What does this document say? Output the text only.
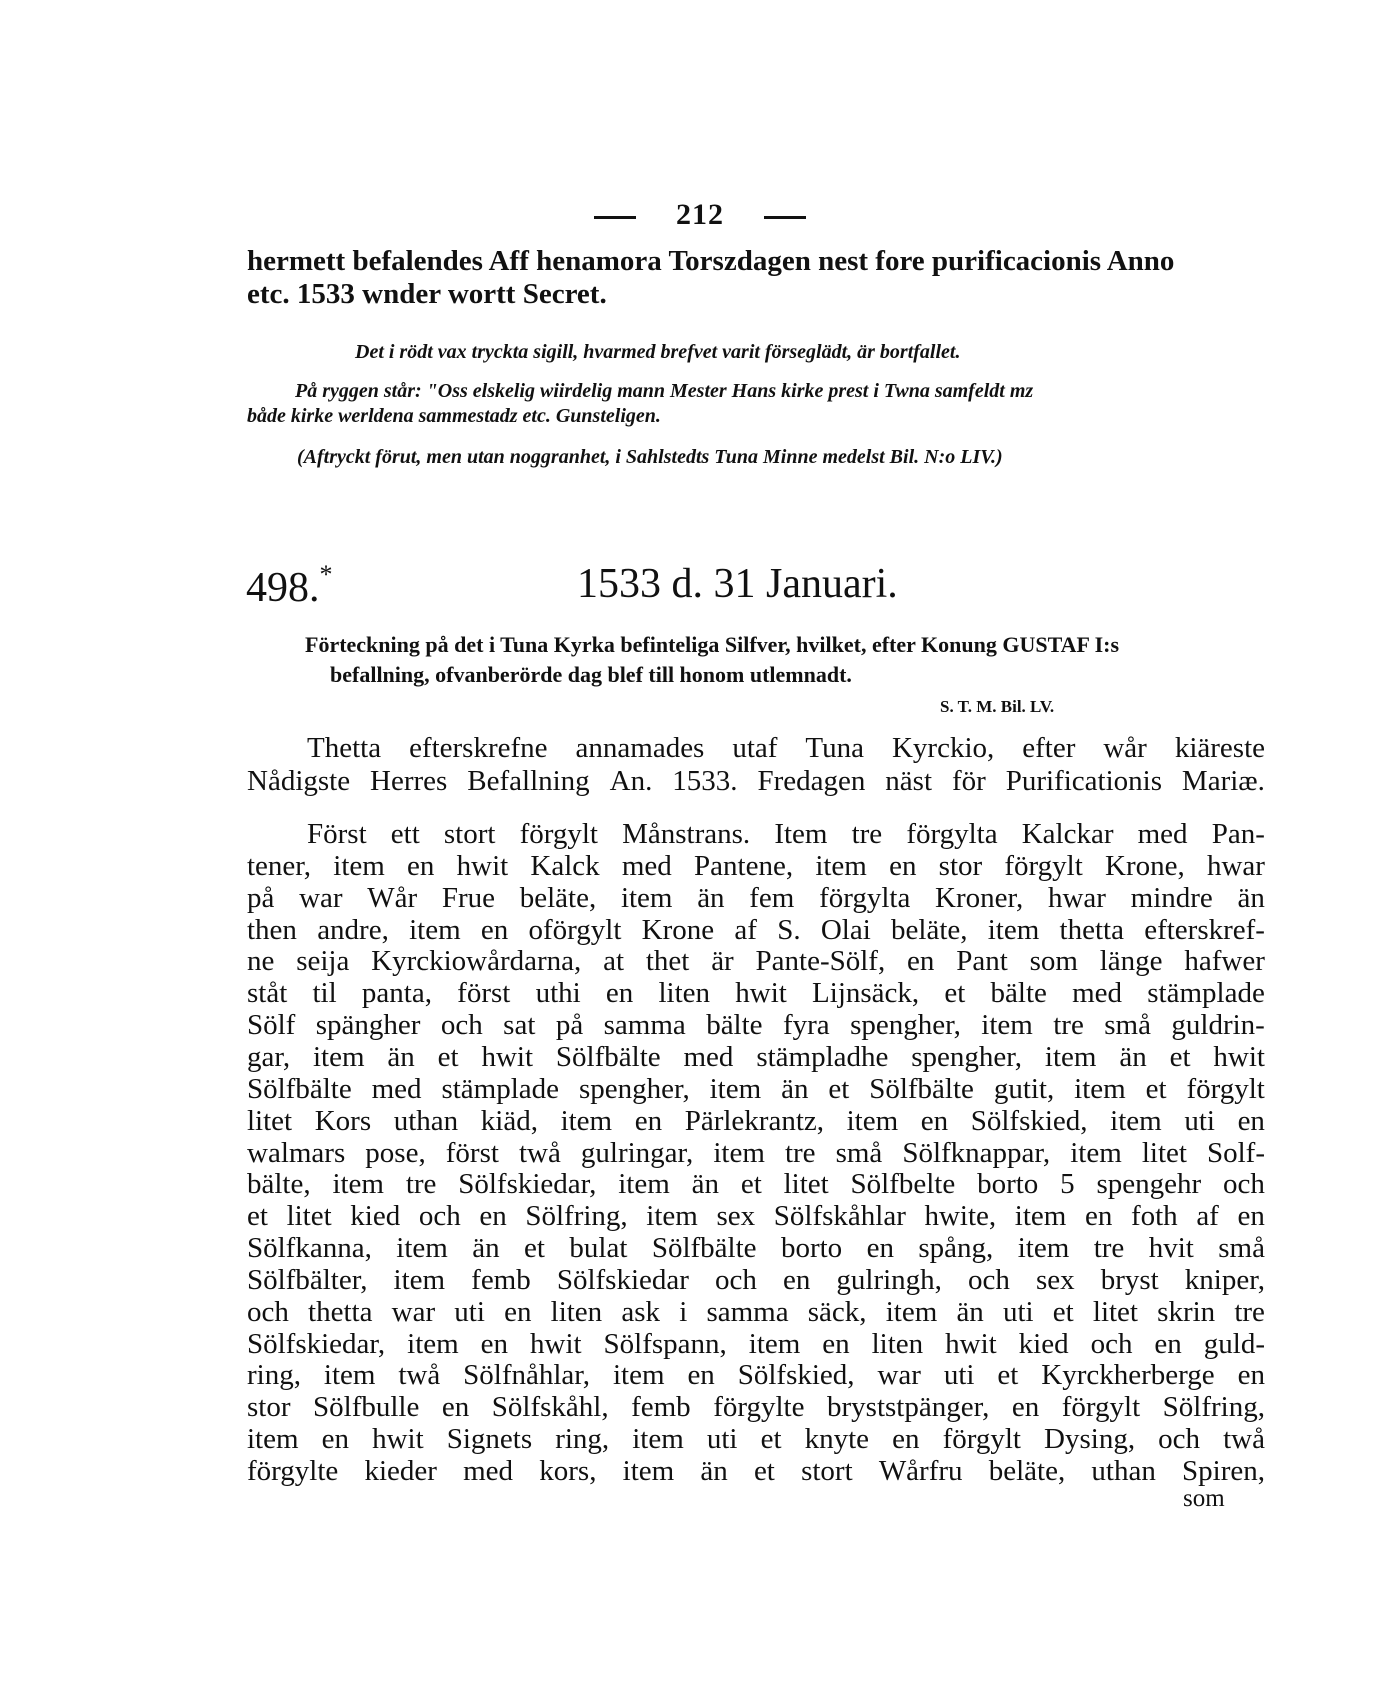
212
hermett befalendes Aff henamora Torszdagen nest fore purificacionis Anno
etc. 1533 wnder wortt Secret.
Det i rödt vax tryckta sigill, hvarmed brefvet varit förseglädt, är bortfallet.
På ryggen står: "Oss elskelig wiirdelig mann Mester Hans kirke prest i Twna samfeldt mz
både kirke werldena sammestadz etc. Gunsteligen.
(Aftryckt förut, men utan noggranhet, i Sahlstedts Tuna Minne medelst Bil. N:o LIV.)
498.*	1533 d. 31 Januari.
Förteckning på det i Tuna Kyrka befinteliga Silfver, hvilket, efter Konung GUSTAF I:s
befallning, ofvanberörde dag blef till honom utlemnadt.
S. T. M. Bil. LV.
Thetta efterskrefne annamades utaf Tuna Kyrckio, efter wår kiäreste
Nådigste Herres Befallning An. 1533. Fredagen näst för Purificationis Mariæ.
Först ett stort förgylt Månstrans. Item tre förgylta Kalckar med Pan-
tener, item en hwit Kalck med Pantene, item en stor förgylt Krone, hwar
på war Wår Frue beläte, item än fem förgylta Kroner, hwar mindre än
then andre, item en oförgylt Krone af S. Olai beläte, item thetta efterskref-
ne seija Kyrckiowårdarna, at thet är Pante-Sölf, en Pant som länge hafwer
ståt til panta, först uthi en liten hwit Lijnsäck, et bälte med stämplade
Sölf spängher och sat på samma bälte fyra spengher, item tre små guldrin-
gar, item än et hwit Sölfbälte med stämpladhe spengher, item än et hwit
Sölfbälte med stämplade spengher, item än et Sölfbälte gutit, item et förgylt
litet Kors uthan kiäd, item en Pärlekrantz, item en Sölfskied, item uti en
walmars pose, först twå gulringar, item tre små Sölfknappar, item litet Solf-
bälte, item tre Sölfskiedar, item än et litet Sölfbelte borto 5 spengehr och
et litet kied och en Sölfring, item sex Sölfskåhlar hwite, item en foth af en
Sölfkanna, item än et bulat Sölfbälte borto en spång, item tre hvit små
Sölfbälter, item femb Sölfskiedar och en gulringh, och sex bryst kniper,
och thetta war uti en liten ask i samma säck, item än uti et litet skrin tre
Sölfskiedar, item en hwit Sölfspann, item en liten hwit kied och en guld-
ring, item twå Sölfnåhlar, item en Sölfskied, war uti et Kyrckherberge en
stor Sölfbulle en Sölfskåhl, femb förgylte bryststpänger, en förgylt Sölfring,
item en hwit Signets ring, item uti et knyte en förgylt Dysing, och twå
förgylte kieder med kors, item än et stort Wårfru beläte, uthan Spiren,
som
